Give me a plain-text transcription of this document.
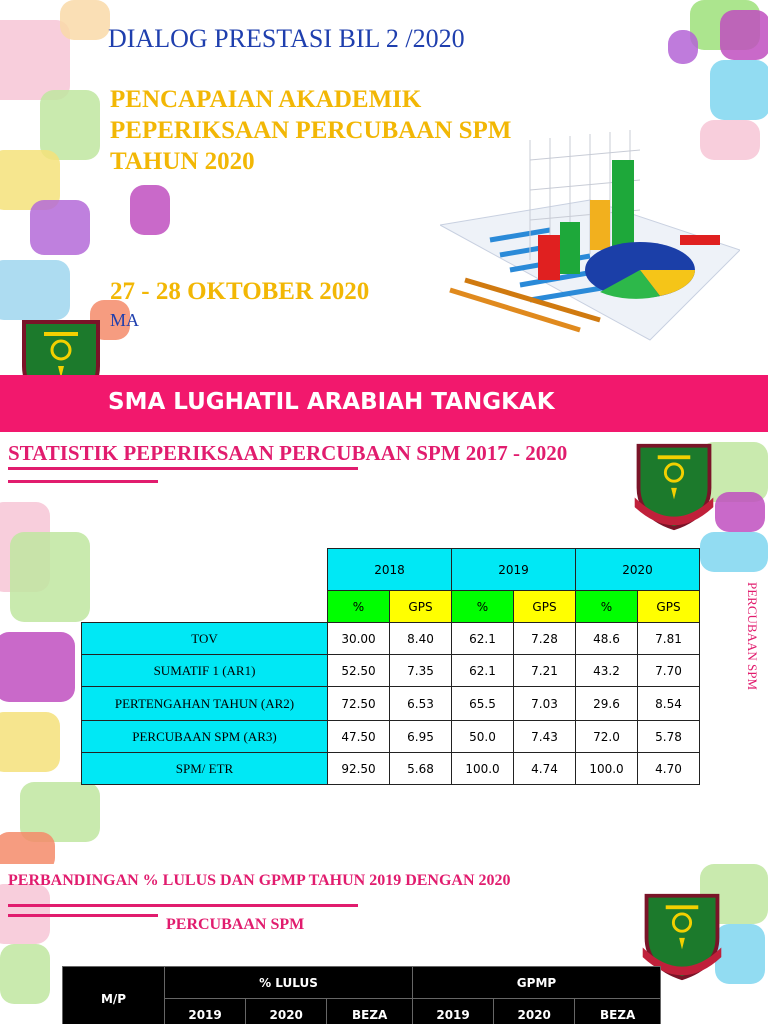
DIALOG PRESTASI BIL 2 /2020
PENCAPAIAN AKADEMIK
PEPERIKSAAN PERCUBAAN SPM
TAHUN 2020
27 - 28 OKTOBER 2020
MA
SMA LUGHATIL ARABIAH TANGKAK
STATISTIK PEPERIKSAAN PERCUBAAN SPM 2017 - 2020
PERCUBAAN SPM
	2018		2019		2020	
	%	GPS	%	GPS	%	GPS
TOV	30.00	8.40	62.1	7.28	48.6	7.81
SUMATIF 1 (AR1)	52.50	7.35	62.1	7.21	43.2	7.70
PERTENGAHAN TAHUN (AR2)	72.50	6.53	65.5	7.03	29.6	8.54
PERCUBAAN SPM (AR3)	47.50	6.95	50.0	7.43	72.0	5.78
SPM/ ETR	92.50	5.68	100.0	4.74	100.0	4.70
PERBANDINGAN % LULUS DAN GPMP TAHUN 2019 DENGAN 2020
PERCUBAAN SPM
M/P	% LULUS			GPMP		
	2019	2020	BEZA	2019	2020	BEZA
